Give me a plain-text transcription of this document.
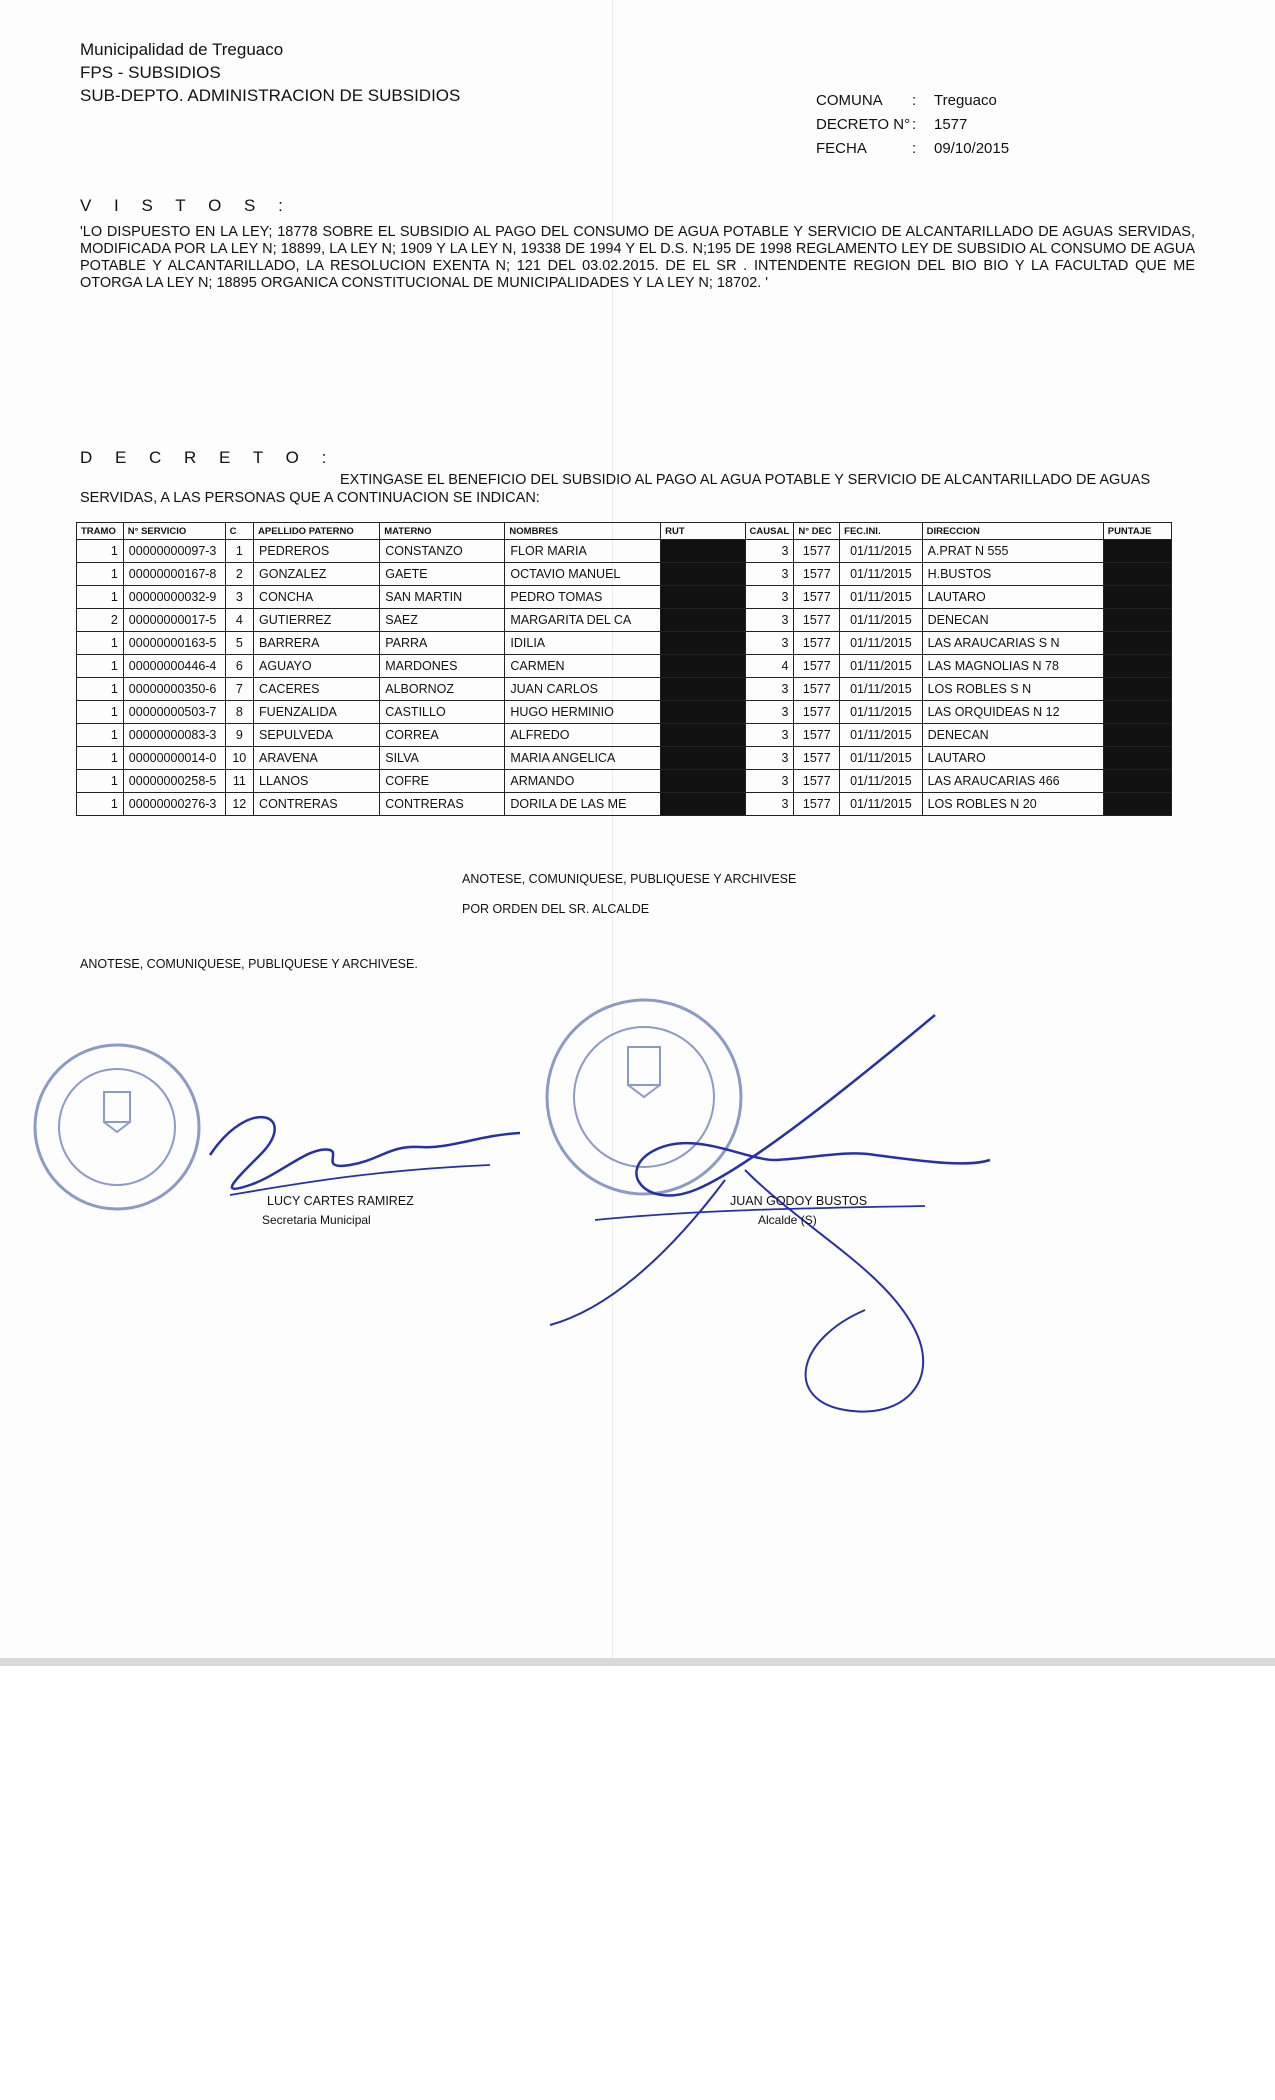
Municipalidad de Treguaco
FPS - SUBSIDIOS
SUB-DEPTO. ADMINISTRACION DE SUBSIDIOS	COMUNA : Treguaco
DECRETO N° : 1577
FECHA	: 09/10/2015
V I S T O S :
'LO DISPUESTO EN LA LEY; 18778 SOBRE EL SUBSIDIO AL PAGO DEL CONSUMO DE AGUA POTABLE Y SERVICIO DE ALCANTARILLADO DE AGUAS SERVIDAS, MODIFICADA POR LA LEY N; 18899, LA LEY N; 1909 Y LA LEY N, 19338 DE 1994 Y EL D.S. N;195 DE 1998 REGLAMENTO LEY DE SUBSIDIO AL CONSUMO DE AGUA POTABLE Y ALCANTARILLADO, LA RESOLUCION EXENTA N; 121 DEL 03.02.2015. DE EL SR . INTENDENTE REGION DEL BIO BIO Y LA FACULTAD QUE ME OTORGA LA LEY N; 18895 ORGANICA CONSTITUCIONAL DE MUNICIPALIDADES Y LA LEY N; 18702. '
D E C R E T O :
EXTINGASE EL BENEFICIO DEL SUBSIDIO AL PAGO AL AGUA POTABLE Y SERVICIO DE ALCANTARILLADO DE AGUAS
SERVIDAS, A LAS PERSONAS QUE A CONTINUACION SE INDICAN:
TRAMO	N° SERVICIO	C	APELLIDO PATERNO	MATERNO	NOMBRES	RUT	CAUSAL	N° DEC	FEC.INI.	DIRECCION	PUNTAJE
1	00000000097-3	1	PEDREROS	CONSTANZO	FLOR MARIA		3	1577	01/11/2015	A.PRAT N 555	
1	00000000167-8	2	GONZALEZ	GAETE	OCTAVIO MANUEL		3	1577	01/11/2015	H.BUSTOS	
1	00000000032-9	3	CONCHA	SAN MARTIN	PEDRO TOMAS		3	1577	01/11/2015	LAUTARO	
2	00000000017-5	4	GUTIERREZ	SAEZ	MARGARITA DEL CA		3	1577	01/11/2015	DENECAN	
1	00000000163-5	5	BARRERA	PARRA	IDILIA		3	1577	01/11/2015	LAS ARAUCARIAS S N	
1	00000000446-4	6	AGUAYO	MARDONES	CARMEN		4	1577	01/11/2015	LAS MAGNOLIAS N 78	
1	00000000350-6	7	CACERES	ALBORNOZ	JUAN CARLOS		3	1577	01/11/2015	LOS ROBLES S N	
1	00000000503-7	8	FUENZALIDA	CASTILLO	HUGO HERMINIO		3	1577	01/11/2015	LAS ORQUIDEAS N 12	
1	00000000083-3	9	SEPULVEDA	CORREA	ALFREDO		3	1577	01/11/2015	DENECAN	
1	00000000014-0	10	ARAVENA	SILVA	MARIA ANGELICA		3	1577	01/11/2015	LAUTARO	
1	00000000258-5	11	LLANOS	COFRE	ARMANDO		3	1577	01/11/2015	LAS ARAUCARIAS 466	
1	00000000276-3	12	CONTRERAS	CONTRERAS	DORILA DE LAS ME		3	1577	01/11/2015	LOS ROBLES N 20	
ANOTESE, COMUNIQUESE, PUBLIQUESE Y ARCHIVESE
POR ORDEN DEL SR. ALCALDE
ANOTESE, COMUNIQUESE, PUBLIQUESE Y ARCHIVESE.
LUCY CARTES RAMIREZ
Secretaria Municipal
JUAN GODOY BUSTOS
Alcalde (S)
